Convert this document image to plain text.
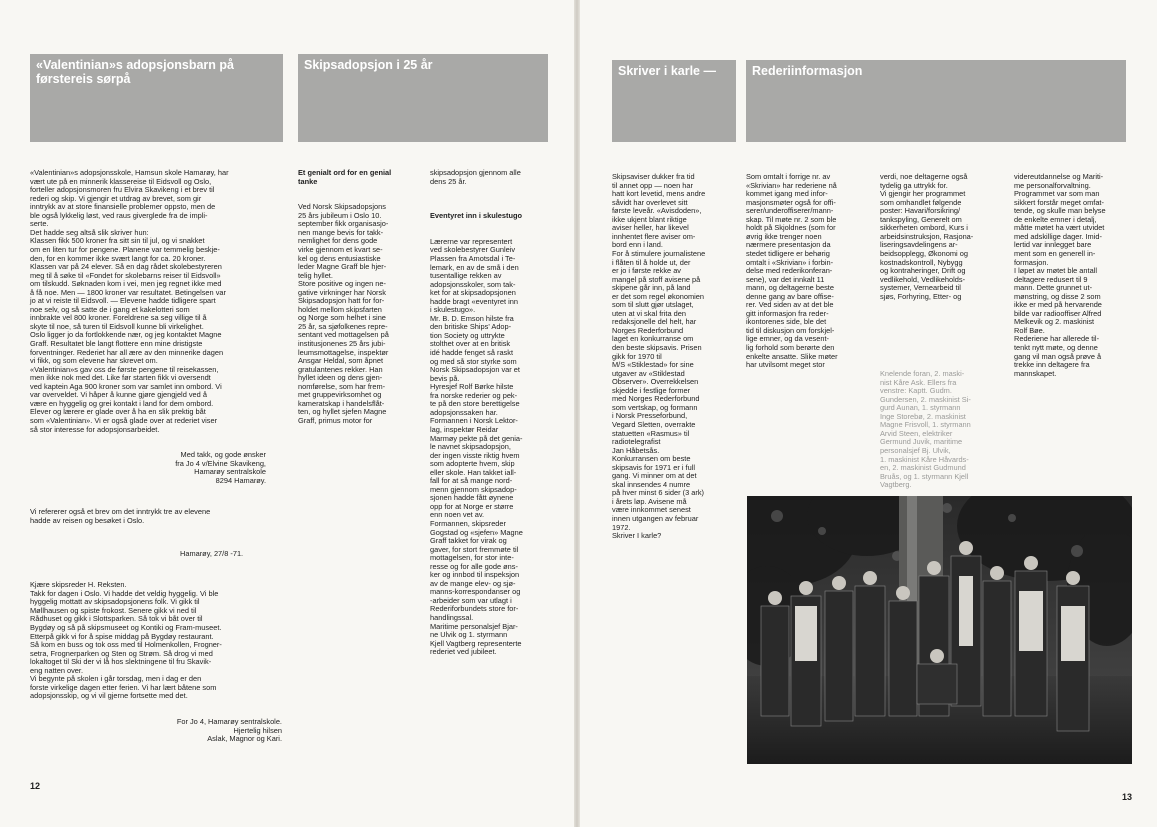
«Valentinian»s adopsjonsbarn på førstereis sørpå
Skipsadopsjon i 25 år

«Valentinian»s adopsjonsskole, Hamsun skole Hamarøy, har
vært ute på en minnerik klassereise til Eidsvoll og Oslo,
forteller adopsjonsmoren fru Elvira Skavikeng i et brev til
rederi og skip. Vi gjengir et utdrag av brevet, som gir
inntrykk av at store finansielle problemer oppsto, men de
ble også lykkelig løst, ved raus giverglede fra de impli-
serte.
Det hadde seg altså slik skriver hun:
Klassen fikk 500 kroner fra sitt sin til jul, og vi snakket
om en liten tur for pengene. Planene var temmelig beskje-
den, for en kommer ikke svært langt for ca. 20 kroner.
Klassen var på 24 elever. Så en dag rådet skolebestyreren
meg til å søke til «Fondet for skolebarns reiser til Eidsvoll»
om tilskudd. Søknaden kom i vei, men jeg regnet ikke med
å få noe. Men — 1800 kroner var resultatet. Betingelsen var
jo at vi reiste til Eidsvoll. — Elevene hadde tidligere spart
noe selv, og så satte de i gang et kakelotteri som
innbrakte vel 800 kroner. Foreldrene sa seg villige til å
skyte til noe, så turen til Eidsvoll kunne bli virkelighet.
Oslo ligger jo da fortlokkende nær, og jeg kontaktet Magne
Graff. Resultatet ble langt flottere enn mine dristigste
forventninger. Rederiet har all ære av den minnerike dagen
vi fikk, og som elevene har skrevet om.
«Valentinian»s gav oss de første pengene til reisekassen,
men ikke nok med det. Like før starten fikk vi oversendt
ved kaptein Aga 900 kroner som var samlet inn ombord. Vi
var overveldet. Vi håper å kunne gjøre gjengjeld ved å
være en hyggelig og grei kontakt i land for dem ombord.
Elever og lærere er glade over å ha en slik prektig båt
som «Valentinian». Vi er også glade over at rederiet viser
så stor interesse for adopsjonsarbeidet.

Med takk, og gode ønsker
fra Jo 4 v/Elvine Skavikeng,
Hamarøy sentralskole
8294 Hamarøy.

Vi refererer også et brev om det inntrykk tre av elevene
hadde av reisen og besøket i Oslo.

Hamarøy, 27/8 -71.

Kjære skipsreder H. Reksten.
Takk for dagen i Oslo. Vi hadde det veldig hyggelig. Vi ble
hyggelig mottatt av skipsadopsjonens folk. Vi gikk til
Møllhausen og spiste frokost. Senere gikk vi ned til
Rådhuset og gikk i Slottsparken. Så tok vi båt over til
Bygdøy og så på skipsmuseet og Kontiki og Fram-museet.
Etterpå gikk vi for å spise middag på Bygdøy restaurant.
Så kom en buss og tok oss med til Holmenkollen, Frogner-
setra, Frognerparken og Sten og Strøm. Så drog vi med
lokaltoget til Ski der vi lå hos slektningene til fru Skavik-
eng natten over.
Vi begynte på skolen i går torsdag, men i dag er den
forste virkelige dagen etter ferien. Vi har lært båtene som
adopsjonsskip, og vi vil gjerne fortsette med det.

For Jo 4, Hamarøy sentralskole.
Hjertelig hilsen
Aslak, Magnor og Kari.

Et genialt ord for en genial
tanke

Ved Norsk Skipsadopsjons
25 års jubileum i Oslo 10.
september fikk organisasjo-
nen mange bevis for takk-
nemlighet for dens gode
virke gjennom et kvart se-
kel og dens entusiastiske
leder Magne Graff ble hjer-
telig hyllet.
Store positive og ingen ne-
gative virkninger har Norsk
Skipsadopsjon hatt for for-
holdet mellom skipsfarten
og Norge som helhet i sine
25 år, sa sjøfolkenes repre-
sentant ved mottagelsen på
institusjonenes 25 års jubi-
leumsmottagelse, inspektør
Ansgar Heldal, som åpnet
gratulantenes rekker. Han
hyllet ideen og dens gjen-
nomførelse, som har frem-
met gruppevirksomhet og
kameratskap i handelsflåt-
ten, og hyllet sjefen Magne
Graff, primus motor for

skipsadopsjon gjennom alle
dens 25 år.

Eventyret inn i skulestugo

Lærerne var representert
ved skolebestyrer Gunleiv
Plassen fra Amotsdal i Te-
lemark, en av de små i den
tusentallige rekken av
adopsjonsskoler, som tak-
ket for at skipsadopsjonen
hadde bragt «eventyret inn
i skulestugo».
Mr. B. D. Emson hilste fra
den britiske Ships' Adop-
tion Society og uttrykte
stolthet over at en britisk
idé hadde fenget så raskt
og med så stor styrke som
Norsk Skipsadopsjon var et
bevis på.
Hyresjef Rolf Børke hilste
fra norske rederier og pek-
te på den store berettigelse
adopsjonssaken har.
Formannen i Norsk Lektor-
lag, inspektør Reidar
Marmøy pekte på det genia-
le navnet skipsadopsjon,
der ingen visste riktig hvem
som adopterte hvem, skip
eller skole. Han takket iall-
fall for at så mange nord-
menn gjennom skipsadop-
sjonen hadde fått øynene
opp for at Norge er større
enn noen vet av.
Formannen, skipsreder
Gogstad og «sjefen» Magne
Graff takket for virak og
gaver, for stort fremmøte til
mottagelsen, for stor inte-
resse og for alle gode øns-
ker og innbod til inspeksjon
av de mange elev- og sjø-
manns-korrespondanser og
-arbeider som var utlagt i
Rederiforbundets store for-
handlingssal.
Maritime personalsjef Bjar-
ne Ulvik og 1. styrmann
Kjell Vagtberg representerte
rederiet ved jubileet.

12
Skriver i karle —	Rederiinformasjon

Skipsaviser dukker fra tid
til annet opp — noen har
hatt kort levetid, mens andre
såvidt har overlevet sitt
første leveår. «Avisdoden»,
ikke ukjent blant riktige
aviser heller, har likevel
innhentet flere aviser om-
bord enn i land.
For å stimulere journalistene
i flåten til å holde ut, der
er jo i første rekke av
mangel på stoff avisene på
skipene går inn, på land
er det som regel økonomien
som til slutt gjør utslaget,
uten at vi skal frita den
redaksjonelle del helt, har
Norges Rederforbund
laget en konkurranse om
den beste skipsavis. Prisen
gikk for 1970 til
M/S «Stiklestad» for sine
utgaver av «Stiklestad
Observer». Overrekkelsen
skjedde i festlige former
med Norges Rederforbund
som vertskap, og formann
i Norsk Presseforbund,
Vegard Sletten, overrakte
statuetten «Rasmus» til
radiotelegrafist
Jan Håbetsås.
Konkurransen om beste
skipsavis for 1971 er i full
gang. Vi minner om at det
skal innsendes 4 numre
på hver minst 6 sider (3 ark)
i årets løp. Avisene må
være innkommet senest
innen utgangen av februar
1972.
Skriver I karle?

Som omtalt i forrige nr. av
«Skrivian» har rederiene nå
kommet igang med infor-
masjonsmøter også for offi-
serer/underoffiserer/mann-
skap. Til møte nr. 2 som ble
holdt på Skjoldnes (som for
øvrig ikke trenger noen
nærmere presentasjon da
stedet tidligere er behørig
omtalt i «Skrivian» i forbin-
delse med rederikonferan-
sene), var det innkalt 11
mann, og deltagerne beste
denne gang av bare offise-
rer. Ved siden av at det ble
gitt informasjon fra reder-
ikontorenes side, ble det
tid til diskusjon om forskjel-
lige emner, og da vesent-
lig forhold som berørte den
enkelte ansatte. Slike møter
har utvilsomt meget stor

verdi, noe deltagerne også
tydelig ga uttrykk for.
Vi gjengir her programmet
som omhandlet følgende
poster: Havari/forsikring/
tankspyling, Generelt om
sikkerheten ombord, Kurs i
arbeidsinstruksjon, Rasjona-
liseringsavdelingens ar-
beidsopplegg, Økonomi og
kostnadskontroll, Nybygg
og kontraheringer, Drift og
vedlikehold, Vedlikeholds-
systemer, Vernearbeid til
sjøs, Forhyring, Etter- og

videreutdannelse og Mariti-
me personalforvaltning.
Programmet var som man
sikkert forstår meget omfat-
tende, og skulle man belyse
de enkelte emner i detalj,
måtte møtet ha vært utvidet
med adskillige dager. Imid-
lertid var innlegget bare
ment som en generell in-
formasjon.
I løpet av møtet ble antall
deltagere redusert til 9
mann. Dette grunnet ut-
mønstring, og disse 2 som
ikke er med på hervarende
bilde var radiooffiser Alfred
Melkevik og 2. maskinist
Rolf Bøe.
Rederiene har allerede til-
tenkt nytt møte, og denne
gang vil man også prøve å
trekke inn deltagere fra
mannskapet.

Knelende foran, 2. maski-
nist Kåre Ask. Ellers fra
venstre: Kaptt. Gudm.
Gundersen, 2. maskinist Si-
gurd Aunan, 1. styrmann
Inge Storebø, 2. maskinist
Magne Frisvoll, 1. styrmann
Arvid Steen, elektriker
Germund Juvik, maritime
personalsjef Bj. Ulvik,
1. maskinist Kåre Håvards-
en, 2. maskinist Gudmund
Bruås, og 1. styrmann Kjell
Vagtberg.

13
